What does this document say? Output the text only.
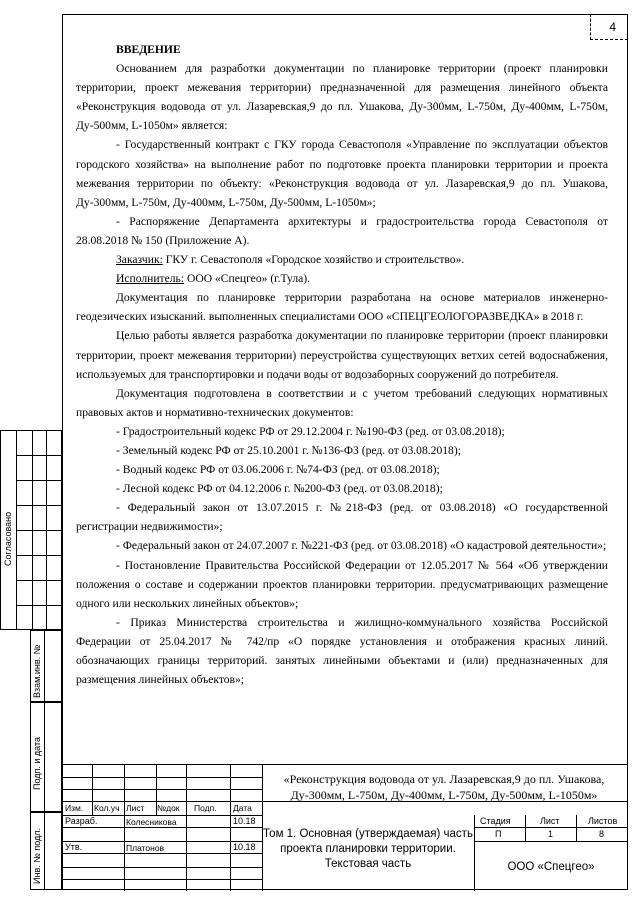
4
ВВЕДЕНИЕ

Основанием для разработки документации по планировке территории (проект планировки территории, проект межевания территории) предназначенной для размещения линейного объекта «Реконструкция водовода от ул. Лазаревская,9 до пл. Ушакова, Ду-300мм, L-750м, Ду-400мм, L-750м, Ду-500мм, L-1050м» является:

- Государственный контракт с ГКУ города Севастополя «Управление по эксплуатации объектов городского хозяйства» на выполнение работ по подготовке проекта планировки территории и проекта межевания территории по объекту: «Реконструкция водовода от ул. Лазаревская,9 до пл. Ушакова, Ду-300мм, L-750м, Ду-400мм, L-750м, Ду-500мм, L-1050м»;

- Распоряжение Департамента архитектуры и градостроительства города Севастополя от 28.08.2018 № 150 (Приложение А).

Заказчик: ГКУ г. Севастополя «Городское хозяйство и строительство».

Исполнитель: ООО «Спецгео» (г.Тула).

Документация по планировке территории разработана на основе материалов инженерно-геодезических изысканий. выполненных специалистами ООО «СПЕЦГЕОЛОГОРАЗВЕДКА» в 2018 г.

Целью работы является разработка документации по планировке территории (проект планировки территории, проект межевания территории) переустройства существующих ветхих сетей водоснабжения, используемых для транспортировки и подачи воды от водозаборных сооружений до потребителя.

Документация подготовлена в соответствии и с учетом требований следующих нормативных правовых актов и нормативно-технических документов:

- Градостроительный кодекс РФ от 29.12.2004 г. №190-ФЗ (ред. от 03.08.2018);

- Земельный кодекс РФ от 25.10.2001 г. №136-ФЗ (ред. от 03.08.2018);

- Водный кодекс РФ от 03.06.2006 г. №74-ФЗ (ред. от 03.08.2018);

- Лесной кодекс РФ от 04.12.2006 г. №200-ФЗ (ред. от 03.08.2018);

- Федеральный закон от 13.07.2015 г. №218-ФЗ (ред. от 03.08.2018) «О государственной регистрации недвижимости»;

- Федеральный закон от 24.07.2007 г. №221-ФЗ (ред. от 03.08.2018) «О кадастровой деятельности»;

- Постановление Правительства Российской Федерации от 12.05.2017 № 564 «Об утверждении положения о составе и содержании проектов планировки территории. предусматривающих размещение одного или нескольких линейных объектов»;

- Приказ Министерства строительства и жилищно-коммунального хозяйства Российской Федерации от 25.04.2017 № 742/пр «О порядке установления и отображения красных линий. обозначающих границы территорий. занятых линейными объектами и (или) предназначенных для размещения линейных объектов»;

Согласовано
Взам.инв. №
Подп. и дата
Инв. № подл.
«Реконструкция водовода от ул. Лазаревская,9 до пл. Ушакова, Ду-300мм, L-750м, Ду-400мм, L-750м, Ду-500мм, L-1050м»
Изм. Кол.уч Лист №док Подп. Дата
Разраб.	Колесникова	10.18
Утв.	Платонов	10.18
Том 1. Основная (утверждаемая) часть проекта планировки территории. Текстовая часть
Стадия	Лист	Листов
П	1	8
ООО «Спецгео»
